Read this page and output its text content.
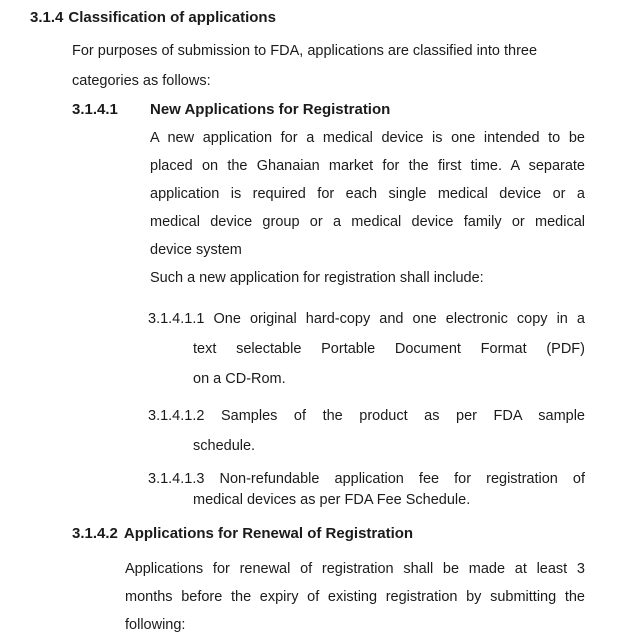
3.1.4 Classification of applications
For purposes of submission to FDA, applications are classified into three
categories as follows:
3.1.4.1 New Applications for Registration
A new application for a medical device is one intended to be
placed on the Ghanaian market for the first time. A separate
application is required for each single medical device or a
medical device group or a medical device family or medical
device system
Such a new application for registration shall include:
3.1.4.1.1 One original hard-copy and one electronic copy in a
text selectable Portable Document Format (PDF)
on a CD-Rom.
3.1.4.1.2 Samples of the product as per FDA sample
schedule.
3.1.4.1.3 Non-refundable application fee for registration of
medical devices as per FDA Fee Schedule.
3.1.4.2 Applications for Renewal of Registration
Applications for renewal of registration shall be made at least 3
months before the expiry of existing registration by submitting the
following:
